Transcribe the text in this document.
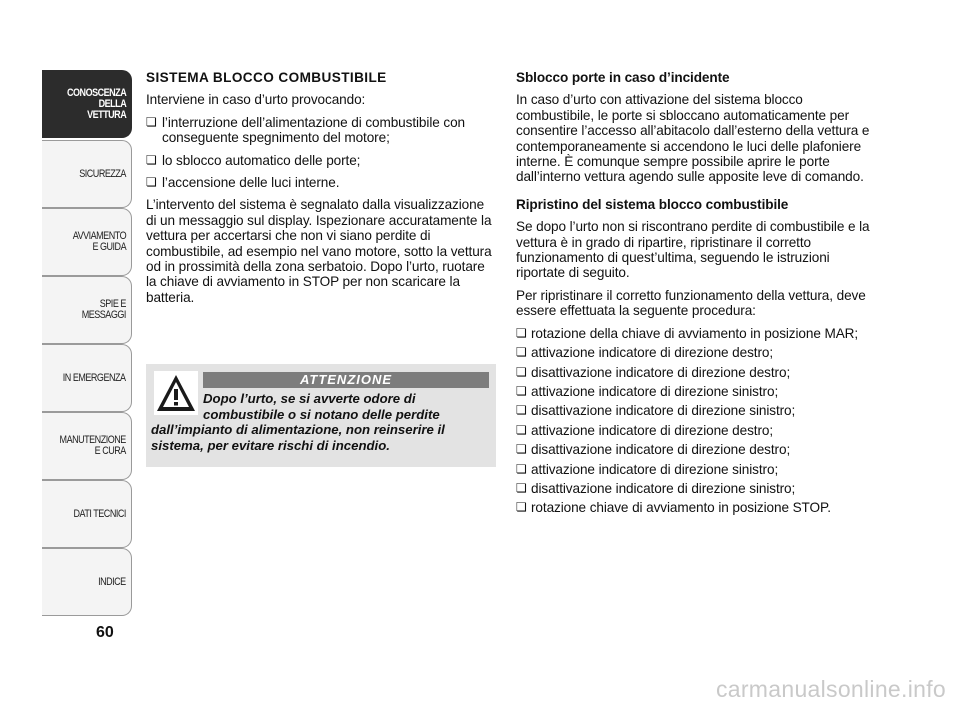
CONOSCENZA
DELLA
VETTURA
SICUREZZA
AVVIAMENTO
E GUIDA
SPIE E
MESSAGGI
IN EMERGENZA
MANUTENZIONE
E CURA
DATI TECNICI
INDICE
60

SISTEMA BLOCCO COMBUSTIBILE

Interviene in caso d’urto provocando:

❏ l’interruzione dell’alimentazione di combustibile con conseguente spegnimento del motore;
❏ lo sblocco automatico delle porte;
❏ l’accensione delle luci interne.

L’intervento del sistema è segnalato dalla visualizzazione di un messaggio sul display. Ispezionare accuratamente la vettura per accertarsi che non vi siano perdite di combustibile, ad esempio nel vano motore, sotto la vettura od in prossimità della zona serbatoio. Dopo l’urto, ruotare la chiave di avviamento in STOP per non scaricare la batteria.

ATTENZIONE
Dopo l’urto, se si avverte odore di combustibile o si notano delle perdite dall’impianto di alimentazione, non reinserire il sistema, per evitare rischi di incendio.

Sblocco porte in caso d’incidente

In caso d’urto con attivazione del sistema blocco combustibile, le porte si sbloccano automaticamente per consentire l’accesso all’abitacolo dall’esterno della vettura e contemporaneamente si accendono le luci delle plafoniere interne. È comunque sempre possibile aprire le porte dall’interno vettura agendo sulle apposite leve di comando.

Ripristino del sistema blocco combustibile

Se dopo l’urto non si riscontrano perdite di combustibile e la vettura è in grado di ripartire, ripristinare il corretto funzionamento di quest’ultima, seguendo le istruzioni riportate di seguito.

Per ripristinare il corretto funzionamento della vettura, deve essere effettuata la seguente procedura:

❏ rotazione della chiave di avviamento in posizione MAR;
❏ attivazione indicatore di direzione destro;
❏ disattivazione indicatore di direzione destro;
❏ attivazione indicatore di direzione sinistro;
❏ disattivazione indicatore di direzione sinistro;
❏ attivazione indicatore di direzione destro;
❏ disattivazione indicatore di direzione destro;
❏ attivazione indicatore di direzione sinistro;
❏ disattivazione indicatore di direzione sinistro;
❏ rotazione chiave di avviamento in posizione STOP.
carmanualsonline.info
